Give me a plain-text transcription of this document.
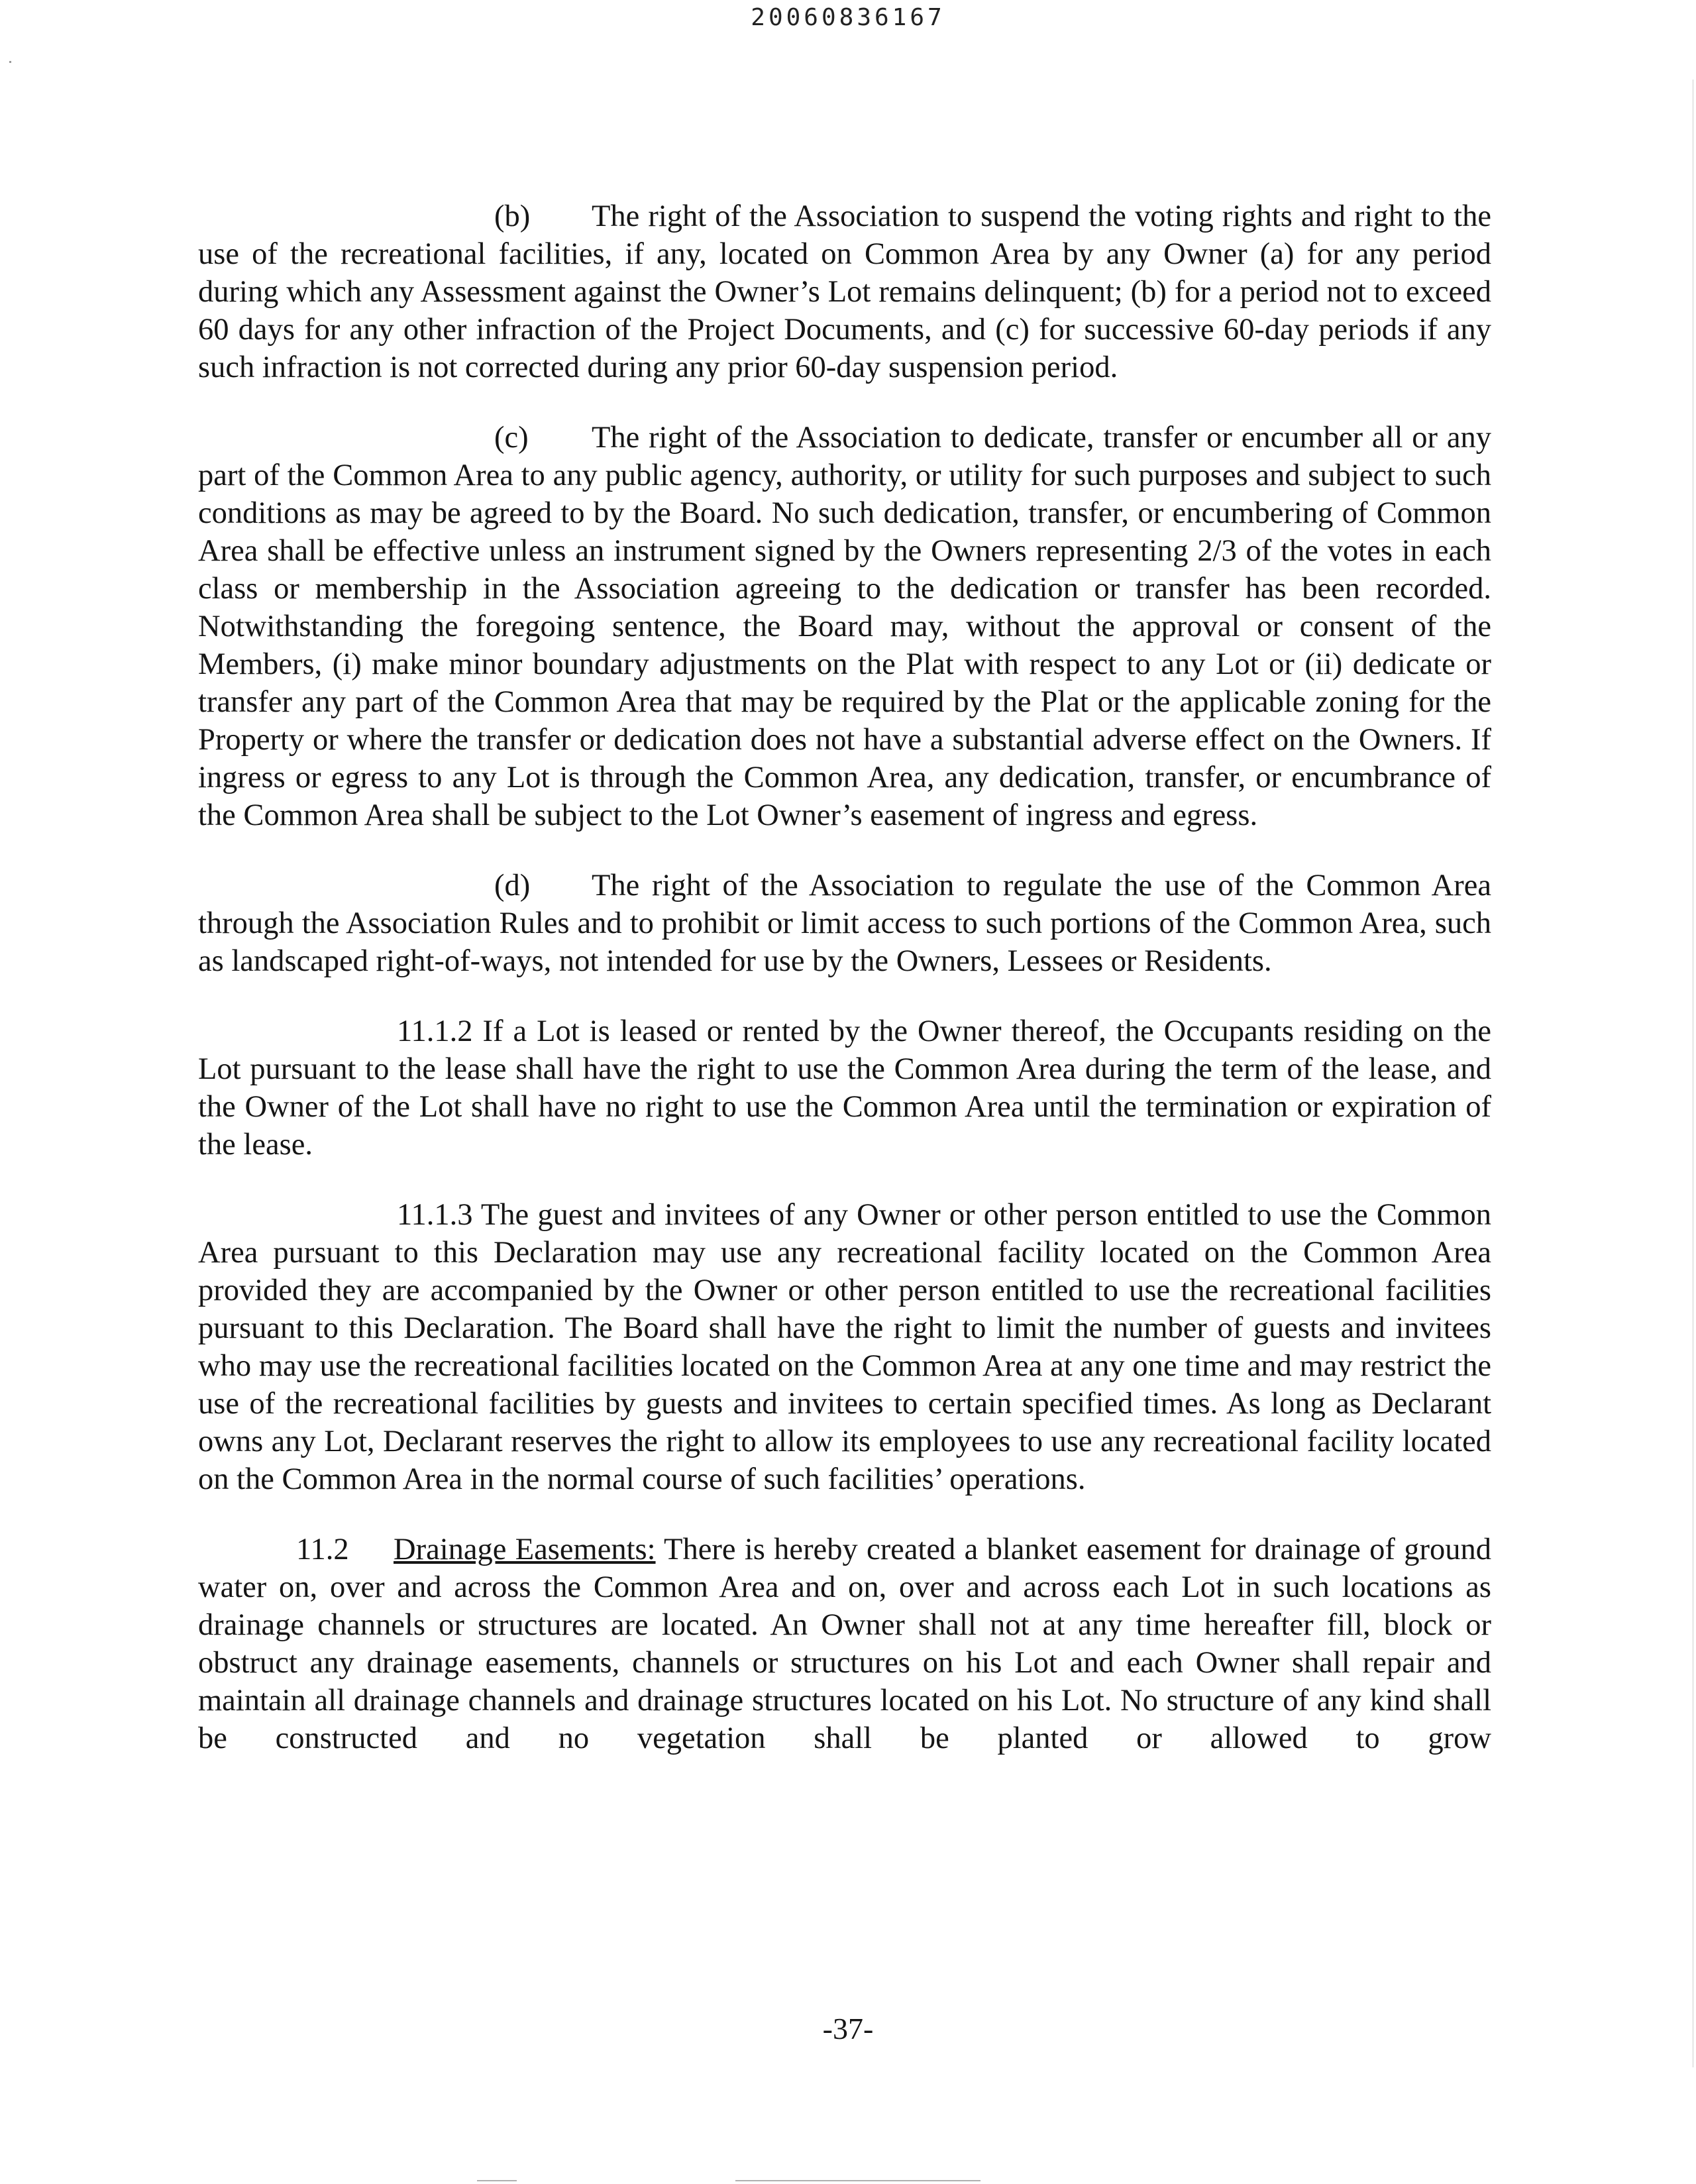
20060836167

(b) The right of the Association to suspend the voting rights and right to the use of the recreational facilities, if any, located on Common Area by any Owner (a) for any period during which any Assessment against the Owner’s Lot remains delinquent; (b) for a period not to exceed 60 days for any other infraction of the Project Documents, and (c) for successive 60-day periods if any such infraction is not corrected during any prior 60-day suspension period.

(c) The right of the Association to dedicate, transfer or encumber all or any part of the Common Area to any public agency, authority, or utility for such purposes and subject to such conditions as may be agreed to by the Board. No such dedication, transfer, or encumbering of Common Area shall be effective unless an instrument signed by the Owners representing 2/3 of the votes in each class or membership in the Association agreeing to the dedication or transfer has been recorded. Notwithstanding the foregoing sentence, the Board may, without the approval or consent of the Members, (i) make minor boundary adjustments on the Plat with respect to any Lot or (ii) dedicate or transfer any part of the Common Area that may be required by the Plat or the applicable zoning for the Property or where the transfer or dedication does not have a substantial adverse effect on the Owners. If ingress or egress to any Lot is through the Common Area, any dedication, transfer, or encumbrance of the Common Area shall be subject to the Lot Owner’s easement of ingress and egress.

(d) The right of the Association to regulate the use of the Common Area through the Association Rules and to prohibit or limit access to such portions of the Common Area, such as landscaped right-of-ways, not intended for use by the Owners, Lessees or Residents.

11.1.2 If a Lot is leased or rented by the Owner thereof, the Occupants residing on the Lot pursuant to the lease shall have the right to use the Common Area during the term of the lease, and the Owner of the Lot shall have no right to use the Common Area until the termination or expiration of the lease.

11.1.3 The guest and invitees of any Owner or other person entitled to use the Common Area pursuant to this Declaration may use any recreational facility located on the Common Area provided they are accompanied by the Owner or other person entitled to use the recreational facilities pursuant to this Declaration. The Board shall have the right to limit the number of guests and invitees who may use the recreational facilities located on the Common Area at any one time and may restrict the use of the recreational facilities by guests and invitees to certain specified times. As long as Declarant owns any Lot, Declarant reserves the right to allow its employees to use any recreational facility located on the Common Area in the normal course of such facilities’ operations.

11.2 Drainage Easements: There is hereby created a blanket easement for drainage of ground water on, over and across the Common Area and on, over and across each Lot in such locations as drainage channels or structures are located. An Owner shall not at any time hereafter fill, block or obstruct any drainage easements, channels or structures on his Lot and each Owner shall repair and maintain all drainage channels and drainage structures located on his Lot. No structure of any kind shall be constructed and no vegetation shall be planted or allowed to grow

-37-
